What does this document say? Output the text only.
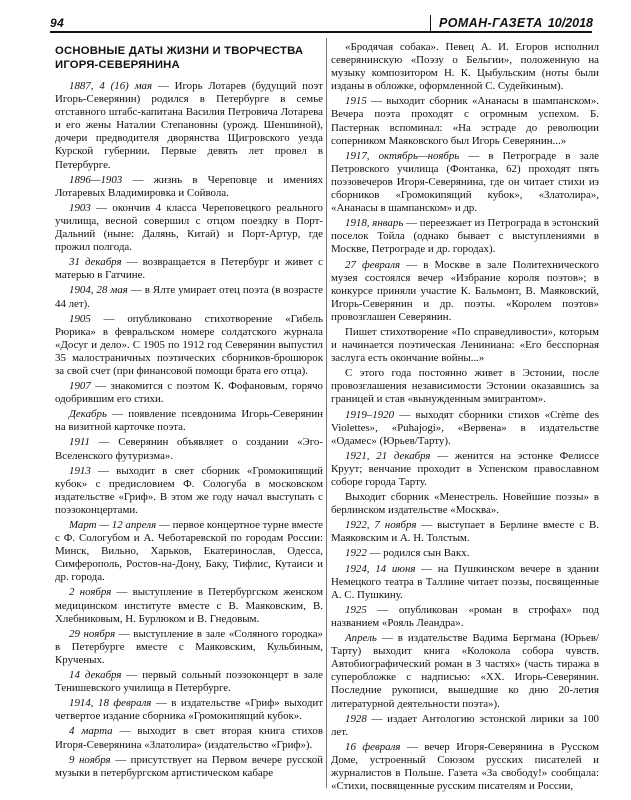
94	РОМАН-ГАЗЕТА 10/2018
ОСНОВНЫЕ ДАТЫ ЖИЗНИ И ТВОРЧЕСТВА ИГОРЯ-СЕВЕРЯНИНА

1887, 4 (16) мая — Игорь Лотарев (будущий поэт Игорь-Северянин) родился в Петербурге в семье отставного штабс-капитана Василия Петровича Лотарева и его жены Наталии Степановны (урожд. Шеншиной), дочери предводителя дворянства Щигровского уезда Курской губернии. Первые девять лет провел в Петербурге.

1896—1903 — жизнь в Череповце и имениях Лотаревых Владимировка и Сойвола.

1903 — окончив 4 класса Череповецкого реального училища, весной совершил с отцом поездку в Порт-Дальний (ныне: Далянь, Китай) и Порт-Артур, где прожил полгода.

31 декабря — возвращается в Петербург и живет с матерью в Гатчине.

1904, 28 мая — в Ялте умирает отец поэта (в возрасте 44 лет).

1905 — опубликовано стихотворение «Гибель Рюрика» в февральском номере солдатского журнала «Досуг и дело». С 1905 по 1912 год Северянин выпустил 35 малостраничных поэтических сборников-брошюрок за свой счет (при финансовой помощи брата его отца).

1907 — знакомится с поэтом К. Фофановым, горячо одобрившим его стихи.

Декабрь — появление псевдонима Игорь-Северянин на визитной карточке поэта.

1911 — Северянин объявляет о создании «Эго-Вселенского футуризма».

1913 — выходит в свет сборник «Громокипящий кубок» с предисловием Ф. Сологуба в московском издательстве «Гриф». В этом же году начал выступать с поэзоконцертами.

Март — 12 апреля — первое концертное турне вместе с Ф. Сологубом и А. Чеботаревской по городам России: Минск, Вильно, Харьков, Екатеринослав, Одесса, Симферополь, Ростов-на-Дону, Баку, Тифлис, Кутаиси и др. города.

2 ноября — выступление в Петербургском женском медицинском институте вместе с В. Маяковским, В. Хлебниковым, Н. Бурлюком и В. Гнедовым.

29 ноября — выступление в зале «Соляного городка» в Петербурге вместе с Маяковским, Кульбиным, Крученых.

14 декабря — первый сольный поэзоконцерт в зале Тенишевского училища в Петербурге.

1914, 18 февраля — в издательстве «Гриф» выходит четвертое издание сборника «Громокипящий кубок».

4 марта — выходит в свет вторая книга стихов Игоря-Северянина «Златолира» (издательство «Гриф»).

9 ноября — присутствует на Первом вечере русской музыки в петербургском артистическом кабаре

«Бродячая собака». Певец А. И. Егоров исполнил северянинскую «Поэзу о Бельгии», положенную на музыку композитором Н. К. Цыбульским (ноты были изданы в обложке, оформленной С. Судейкиным).

1915 — выходит сборник «Ананасы в шампанском». Вечера поэта проходят с огромным успехом. Б. Пастернак вспоминал: «На эстраде до революции соперником Маяковского был Игорь Северянин...»

1917, октябрь—ноябрь — в Петрограде в зале Петровского училища (Фонтанка, 62) проходят пять поэзовечеров Игоря-Северянина, где он читает стихи из сборников «Громокипящий кубок», «Златолира», «Ананасы в шампанском» и др.

1918, январь — переезжает из Петрограда в эстонский поселок Тойла (однако бывает с выступлениями в Москве, Петрограде и др. городах).

27 февраля — в Москве в зале Политехнического музея состоялся вечер «Избрание короля поэтов»; в конкурсе приняли участие К. Бальмонт, В. Маяковский, Игорь-Северянин и др. поэты. «Королем поэтов» провозглашен Северянин.

Пишет стихотворение «По справедливости», которым и начинается поэтическая Лениниана: «Его бесспорная заслуга есть окончание войны...»

С этого года постоянно живет в Эстонии, после провозглашения независимости Эстонии оказавшись за границей и став «вынужденным эмигрантом».

1919–1920 — выходят сборники стихов «Crème des Violettes», «Puhajogi», «Вервена» в издательстве «Одамес» (Юрьев/Тарту).

1921, 21 декабря — женится на эстонке Фелиссе Круут; венчание проходит в Успенском православном соборе города Тарту.

Выходит сборник «Менестрель. Новейшие поэзы» в берлинском издательстве «Москва».

1922, 7 ноября — выступает в Берлине вместе с В. Маяковским и А. Н. Толстым.

1922 — родился сын Вакх.

1924, 14 июня — на Пушкинском вечере в здании Немецкого театра в Таллине читает поэзы, посвященные А. С. Пушкину.

1925 — опубликован «роман в строфах» под названием «Рояль Леандра».

Апрель — в издательстве Вадима Бергмана (Юрьев/Тарту) выходит книга «Колокола собора чувств. Автобиографический роман в 3 частях» (часть тиража в суперобложке с надписью: «ХХ. Игорь-Северянин. Последние рукописи, вышедшие ко дню 20-летия литературной деятельности поэта»).

1928 — издает Антологию эстонской лирики за 100 лет.

16 февраля — вечер Игоря-Северянина в Русском Доме, устроенный Союзом русских писателей и журналистов в Польше. Газета «За свободу!» сообщала: «Стихи, посвященные русским писателям и России,
